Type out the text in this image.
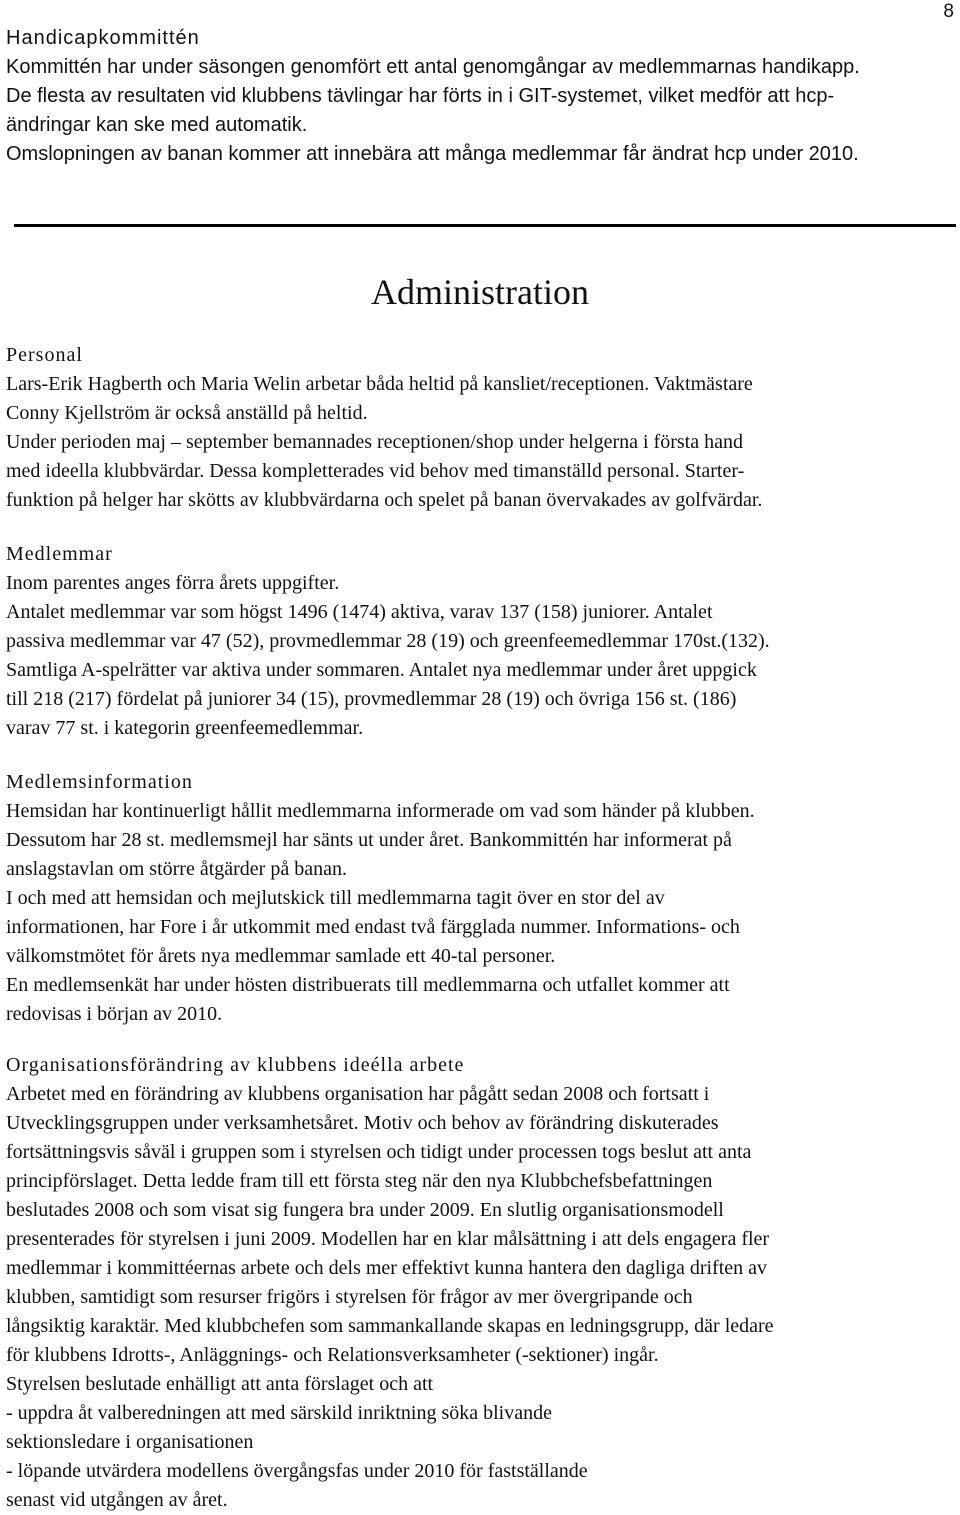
8
Handicapkommittén
Kommittén har under säsongen genomfört ett antal genomgångar av medlemmarnas handikapp.
De flesta av resultaten vid klubbens tävlingar har förts in i GIT-systemet, vilket medför att hcp-
ändringar kan ske med automatik.
Omslopningen av banan kommer att innebära att många medlemmar får ändrat hcp under 2010.
Administration
Personal
Lars-Erik Hagberth och Maria Welin arbetar båda heltid på kansliet/receptionen. Vaktmästare
Conny Kjellström är också anställd på heltid.
Under perioden maj – september bemannades receptionen/shop under helgerna i första hand
med ideella klubbvärdar. Dessa kompletterades vid behov med timanställd personal. Starter-
funktion på helger har skötts av klubbvärdarna och spelet på banan övervakades av golfvärdar.
Medlemmar
Inom parentes anges förra årets uppgifter.
Antalet medlemmar var som högst 1496 (1474) aktiva, varav 137 (158) juniorer. Antalet
passiva medlemmar var 47 (52), provmedlemmar 28 (19) och greenfeemedlemmar 170st.(132).
Samtliga A-spelrätter var aktiva under sommaren. Antalet nya medlemmar under året uppgick
till 218 (217) fördelat på juniorer 34 (15), provmedlemmar 28 (19) och övriga 156 st. (186)
varav 77 st. i kategorin greenfeemedlemmar.
Medlemsinformation
Hemsidan har kontinuerligt hållit medlemmarna informerade om vad som händer på klubben.
Dessutom har 28 st. medlemsmejl har sänts ut under året. Bankommittén har informerat på
anslagstavlan om större åtgärder på banan.
I och med att hemsidan och mejlutskick till medlemmarna tagit över en stor del av
informationen, har Fore i år utkommit med endast två färgglada nummer. Informations- och
välkomstmötet för årets nya medlemmar samlade ett 40-tal personer.
En medlemsenkät har under hösten distribuerats till medlemmarna och utfallet kommer att
redovisas i början av 2010.
Organisationsförändring av klubbens ideélla arbete
Arbetet med en förändring av klubbens organisation har pågått sedan 2008 och fortsatt i
Utvecklingsgruppen under verksamhetsåret. Motiv och behov av förändring diskuterades
fortsättningsvis såväl i gruppen som i styrelsen och tidigt under processen togs beslut att anta
principförslaget. Detta ledde fram till ett första steg när den nya Klubbchefsbefattningen
beslutades 2008 och som visat sig fungera bra under 2009. En slutlig organisationsmodell
presenterades för styrelsen i juni 2009. Modellen har en klar målsättning i att dels engagera fler
medlemmar i kommittéernas arbete och dels mer effektivt kunna hantera den dagliga driften av
klubben, samtidigt som resurser frigörs i styrelsen för frågor av mer övergripande och
långsiktig karaktär. Med klubbchefen som sammankallande skapas en ledningsgrupp, där ledare
för klubbens Idrotts-, Anläggnings- och Relationsverksamheter (-sektioner) ingår.
Styrelsen beslutade enhälligt att anta förslaget och att
- uppdra åt valberedningen att med särskild inriktning söka blivande
sektionsledare i organisationen
- löpande utvärdera modellens övergångsfas under 2010 för fastställande
senast vid utgången av året.
